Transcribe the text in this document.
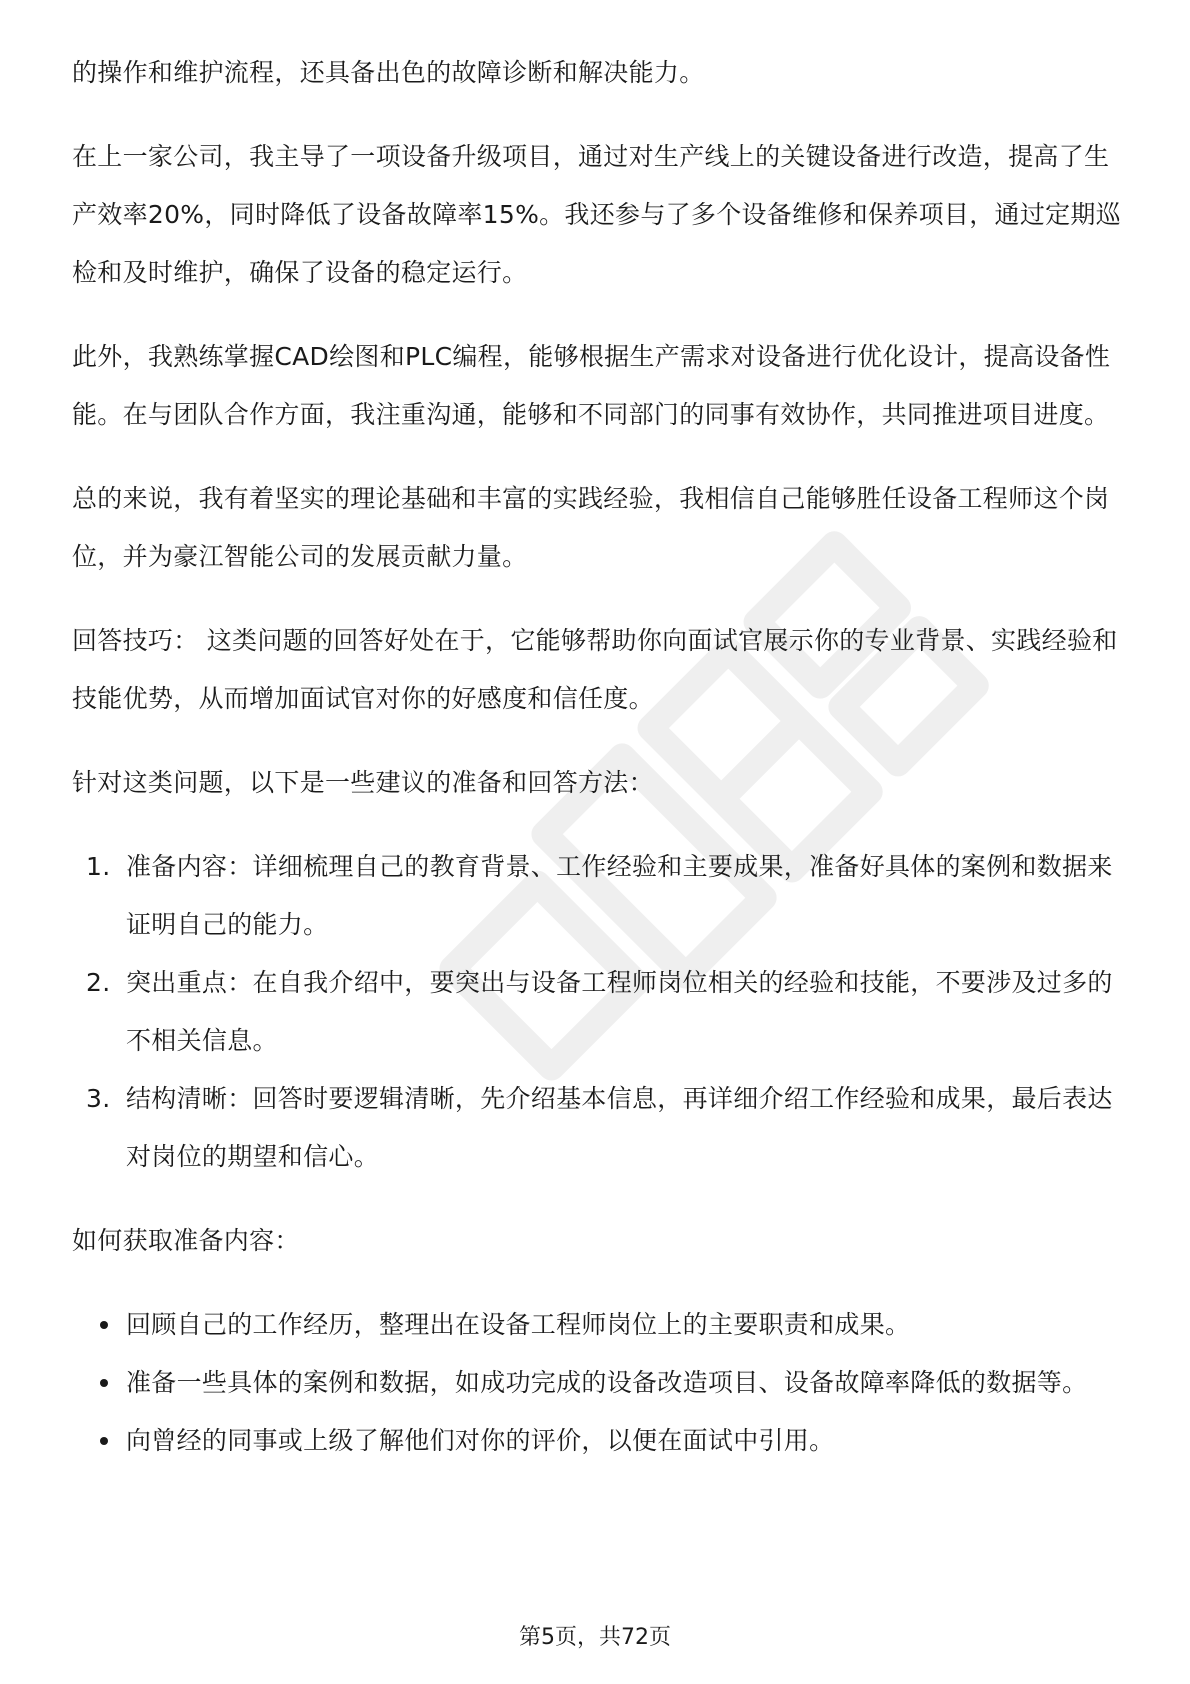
的操作和维护流程，还具备出色的故障诊断和解决能力。

在上一家公司，我主导了一项设备升级项目，通过对生产线上的关键设备进行改造，提高了生产效率20%，同时降低了设备故障率15%。我还参与了多个设备维修和保养项目，通过定期巡检和及时维护，确保了设备的稳定运行。

此外，我熟练掌握CAD绘图和PLC编程，能够根据生产需求对设备进行优化设计，提高设备性能。在与团队合作方面，我注重沟通，能够和不同部门的同事有效协作，共同推进项目进度。

总的来说，我有着坚实的理论基础和丰富的实践经验，我相信自己能够胜任设备工程师这个岗位，并为豪江智能公司的发展贡献力量。

回答技巧： 这类问题的回答好处在于，它能够帮助你向面试官展示你的专业背景、实践经验和技能优势，从而增加面试官对你的好感度和信任度。

针对这类问题，以下是一些建议的准备和回答方法：

1. 准备内容：详细梳理自己的教育背景、工作经验和主要成果，准备好具体的案例和数据来证明自己的能力。
2. 突出重点：在自我介绍中，要突出与设备工程师岗位相关的经验和技能，不要涉及过多的不相关信息。
3. 结构清晰：回答时要逻辑清晰，先介绍基本信息，再详细介绍工作经验和成果，最后表达对岗位的期望和信心。

如何获取准备内容：

回顾自己的工作经历，整理出在设备工程师岗位上的主要职责和成果。
准备一些具体的案例和数据，如成功完成的设备改造项目、设备故障率降低的数据等。
向曾经的同事或上级了解他们对你的评价，以便在面试中引用。
第5页，共72页
